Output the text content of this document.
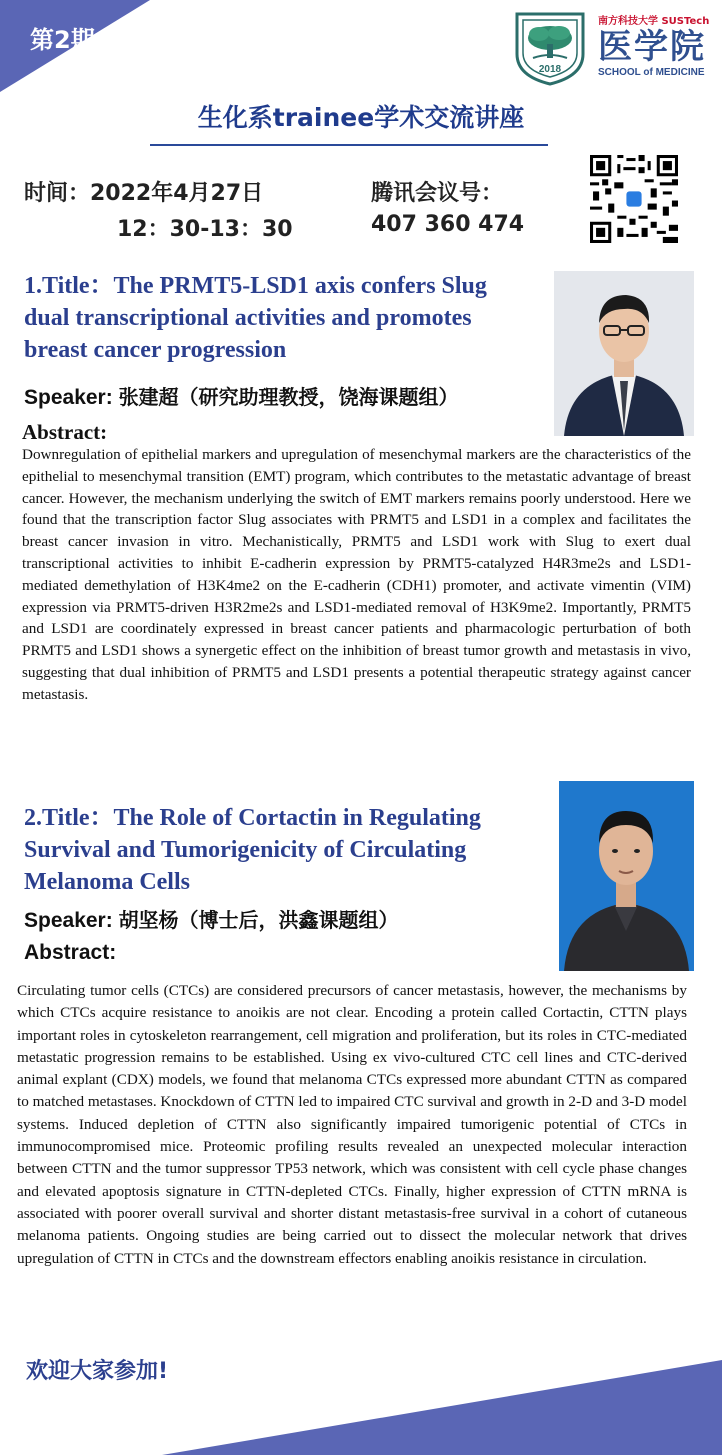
第2期
2018
南方科技大学 SUSTech
医学院
SCHOOL of MEDICINE
生化系trainee学术交流讲座
时间：2022年4月27日
12：30-13：30
腾讯会议号：
407 360 474
1.Title：The PRMT5-LSD1 axis confers Slug
dual transcriptional activities and promotes
breast cancer progression
Speaker: 张建超（研究助理教授，饶海课题组）
Abstract:
Downregulation of epithelial markers and upregulation of mesenchymal markers are the characteristics of the epithelial to mesenchymal transition (EMT) program, which contributes to the metastatic advantage of breast cancer. However, the mechanism underlying the switch of EMT markers remains poorly understood. Here we found that the transcription factor Slug associates with PRMT5 and LSD1 in a complex and facilitates the breast cancer invasion in vitro. Mechanistically, PRMT5 and LSD1 work with Slug to exert dual transcriptional activities to inhibit E-cadherin expression by PRMT5-catalyzed H4R3me2s and LSD1-mediated demethylation of H3K4me2 on the E-cadherin (CDH1) promoter, and activate vimentin (VIM) expression via PRMT5-driven H3R2me2s and LSD1-mediated removal of H3K9me2. Importantly, PRMT5 and LSD1 are coordinately expressed in breast cancer patients and pharmacologic perturbation of both PRMT5 and LSD1 shows a synergetic effect on the inhibition of breast tumor growth and metastasis in vivo, suggesting that dual inhibition of PRMT5 and LSD1 presents a potential therapeutic strategy against cancer metastasis.
2.Title：The Role of Cortactin in Regulating
Survival and Tumorigenicity of Circulating
Melanoma Cells
Speaker: 胡坚杨（博士后，洪鑫课题组）
Abstract:
Circulating tumor cells (CTCs) are considered precursors of cancer metastasis, however, the mechanisms by which CTCs acquire resistance to anoikis are not clear. Encoding a protein called Cortactin, CTTN plays important roles in cytoskeleton rearrangement, cell migration and proliferation, but its roles in CTC-mediated metastatic progression remains to be established. Using ex vivo-cultured CTC cell lines and CTC-derived animal explant (CDX) models, we found that melanoma CTCs expressed more abundant CTTN as compared to matched metastases. Knockdown of CTTN led to impaired CTC survival and growth in 2-D and 3-D model systems. Induced depletion of CTTN also significantly impaired tumorigenic potential of CTCs in immunocompromised mice. Proteomic profiling results revealed an unexpected molecular interaction between CTTN and the tumor suppressor TP53 network, which was consistent with cell cycle phase changes and elevated apoptosis signature in CTTN-depleted CTCs. Finally, higher expression of CTTN mRNA is associated with poorer overall survival and shorter distant metastasis-free survival in a cohort of cutaneous melanoma patients. Ongoing studies are being carried out to dissect the molecular network that drives upregulation of CTTN in CTCs and the downstream effectors enabling anoikis resistance in circulation.
欢迎大家参加!
